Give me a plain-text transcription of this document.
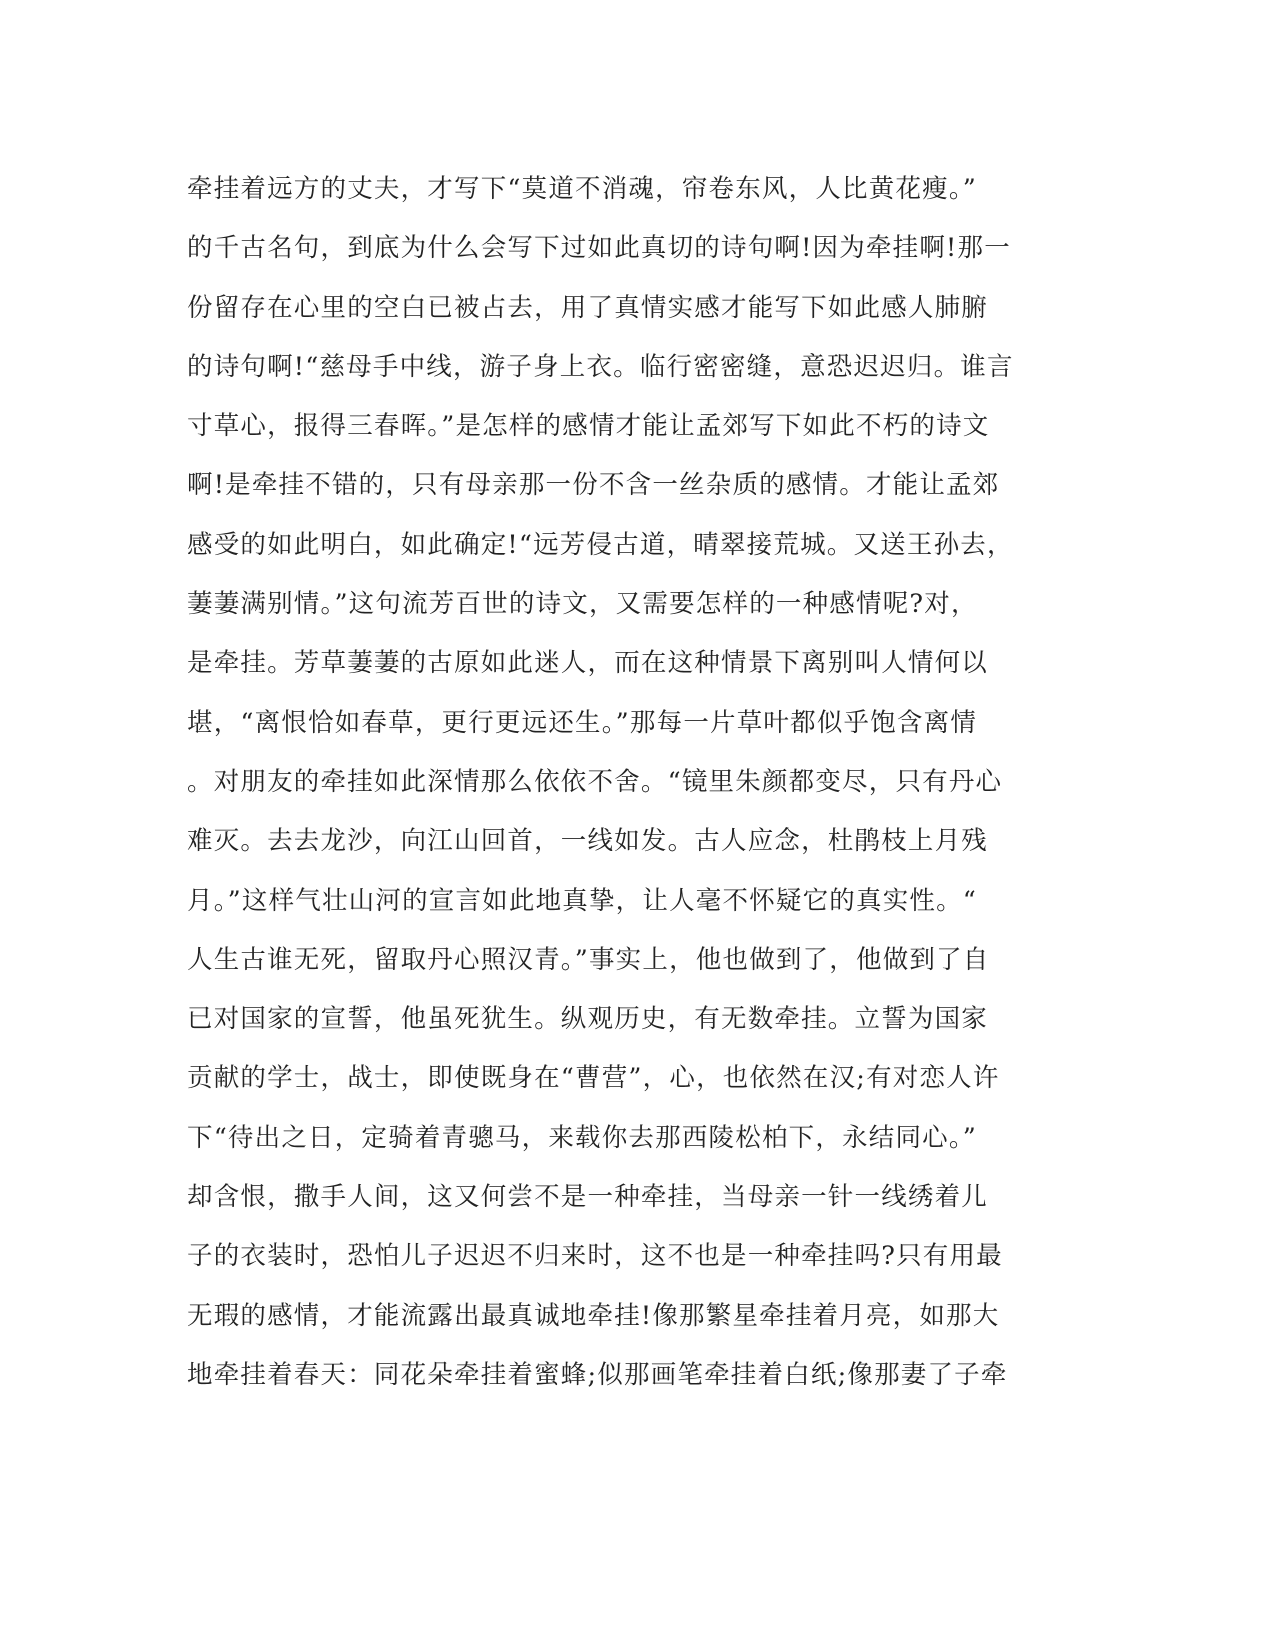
牵挂着远方的丈夫，才写下“莫道不消魂，帘卷东风，人比黄花瘦。”
的千古名句，到底为什么会写下过如此真切的诗句啊!因为牵挂啊!那一
份留存在心里的空白已被占去，用了真情实感才能写下如此感人肺腑
的诗句啊!“慈母手中线，游子身上衣。临行密密缝，意恐迟迟归。谁言
寸草心，报得三春晖。”是怎样的感情才能让孟郊写下如此不朽的诗文
啊!是牵挂不错的，只有母亲那一份不含一丝杂质的感情。才能让孟郊
感受的如此明白，如此确定!“远芳侵古道，晴翠接荒城。又送王孙去，
萋萋满别情。”这句流芳百世的诗文，又需要怎样的一种感情呢?对，
是牵挂。芳草萋萋的古原如此迷人，而在这种情景下离别叫人情何以
堪，“离恨恰如春草，更行更远还生。”那每一片草叶都似乎饱含离情
。对朋友的牵挂如此深情那么依依不舍。“镜里朱颜都变尽，只有丹心
难灭。去去龙沙，向江山回首，一线如发。古人应念，杜鹃枝上月残
月。”这样气壮山河的宣言如此地真挚，让人毫不怀疑它的真实性。“
人生古谁无死，留取丹心照汉青。”事实上，他也做到了，他做到了自
已对国家的宣誓，他虽死犹生。纵观历史，有无数牵挂。立誓为国家
贡献的学士，战士，即使既身在“曹营”，心，也依然在汉;有对恋人许
下“待出之日，定骑着青骢马，来载你去那西陵松柏下，永结同心。”
却含恨，撒手人间，这又何尝不是一种牵挂，当母亲一针一线绣着儿
子的衣装时，恐怕儿子迟迟不归来时，这不也是一种牵挂吗?只有用最
无瑕的感情，才能流露出最真诚地牵挂!像那繁星牵挂着月亮，如那大
地牵挂着春天：同花朵牵挂着蜜蜂;似那画笔牵挂着白纸;像那妻了子牵
